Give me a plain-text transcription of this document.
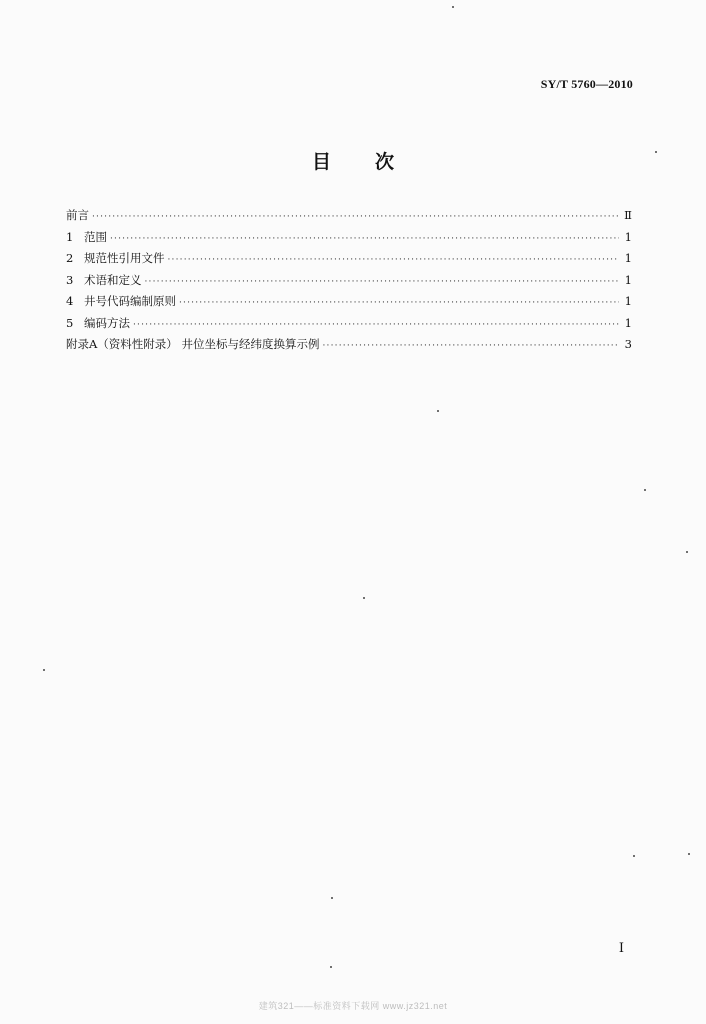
SY/T 5760—2010
目 次
前言 ·····	Ⅱ
1 范围 ·····	1
2 规范性引用文件 ·····	1
3 术语和定义 ·····	1
4 井号代码编制原则 ·····	1
5 编码方法 ·····	1
附录A（资料性附录） 井位坐标与经纬度换算示例 ·····	3
Ⅰ
建筑321——标准资料下载网 www.jz321.net
